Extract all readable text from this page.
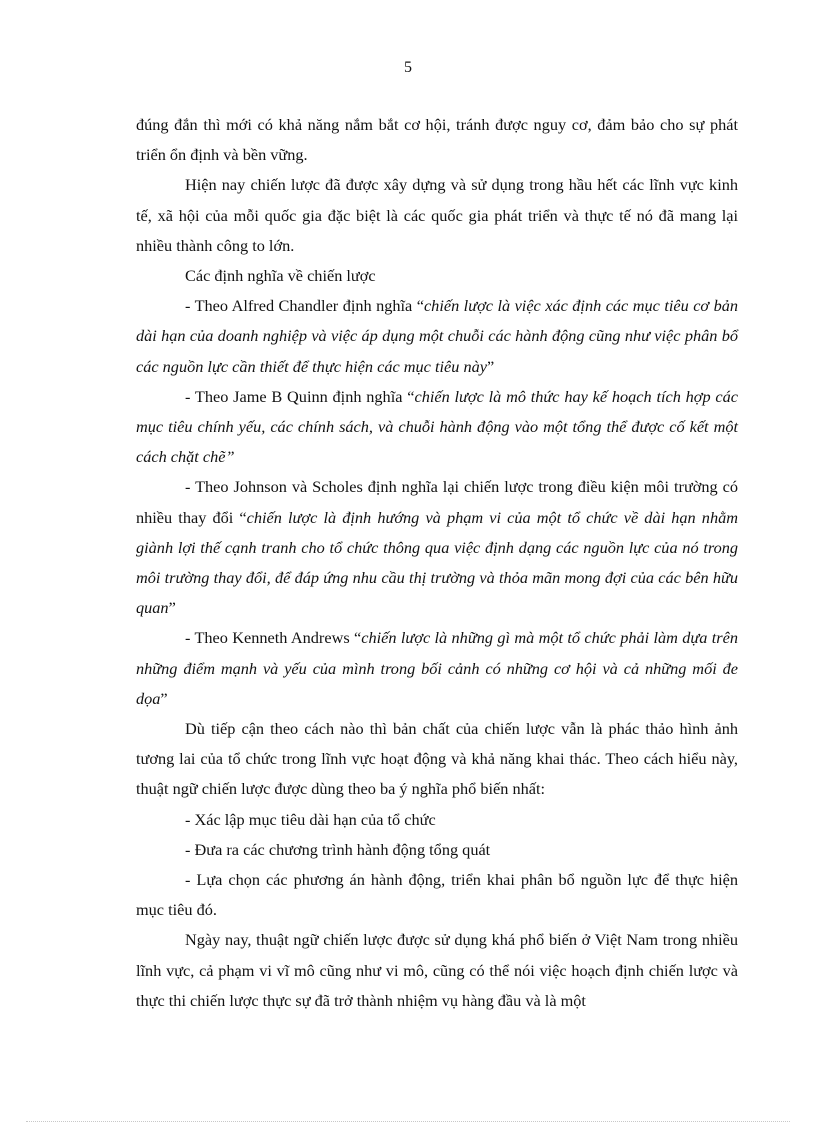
5

đúng đắn thì mới có khả năng nắm bắt cơ hội, tránh được nguy cơ, đảm bảo cho sự phát triển ổn định và bền vững.

Hiện nay chiến lược đã được xây dựng và sử dụng trong hầu hết các lĩnh vực kinh tế, xã hội của mỗi quốc gia đặc biệt là các quốc gia phát triển và thực tế nó đã mang lại nhiều thành công to lớn.

Các định nghĩa về chiến lược

- Theo Alfred Chandler định nghĩa “chiến lược là việc xác định các mục tiêu cơ bản dài hạn của doanh nghiệp và việc áp dụng một chuỗi các hành động cũng như việc phân bổ các nguồn lực cần thiết để thực hiện các mục tiêu này”

- Theo Jame B Quinn định nghĩa “chiến lược là mô thức hay kế hoạch tích hợp các mục tiêu chính yếu, các chính sách, và chuỗi hành động vào một tổng thể được cố kết một cách chặt chẽ”

- Theo Johnson và Scholes định nghĩa lại chiến lược trong điều kiện môi trường có nhiều thay đổi “chiến lược là định hướng và phạm vi của một tổ chức về dài hạn nhằm giành lợi thế cạnh tranh cho tổ chức thông qua việc định dạng các nguồn lực của nó trong môi trường thay đổi, để đáp ứng nhu cầu thị trường và thỏa mãn mong đợi của các bên hữu quan”

- Theo Kenneth Andrews “chiến lược là những gì mà một tổ chức phải làm dựa trên những điểm mạnh và yếu của mình trong bối cảnh có những cơ hội và cả những mối đe dọa”

Dù tiếp cận theo cách nào thì bản chất của chiến lược vẫn là phác thảo hình ảnh tương lai của tổ chức trong lĩnh vực hoạt động và khả năng khai thác. Theo cách hiểu này, thuật ngữ chiến lược được dùng theo ba ý nghĩa phổ biến nhất:

- Xác lập mục tiêu dài hạn của tổ chức

- Đưa ra các chương trình hành động tổng quát

- Lựa chọn các phương án hành động, triển khai phân bổ nguồn lực để thực hiện mục tiêu đó.

Ngày nay, thuật ngữ chiến lược được sử dụng khá phổ biến ở Việt Nam trong nhiều lĩnh vực, cả phạm vi vĩ mô cũng như vi mô, cũng có thể nói việc hoạch định chiến lược và thực thi chiến lược thực sự đã trở thành nhiệm vụ hàng đầu và là một
